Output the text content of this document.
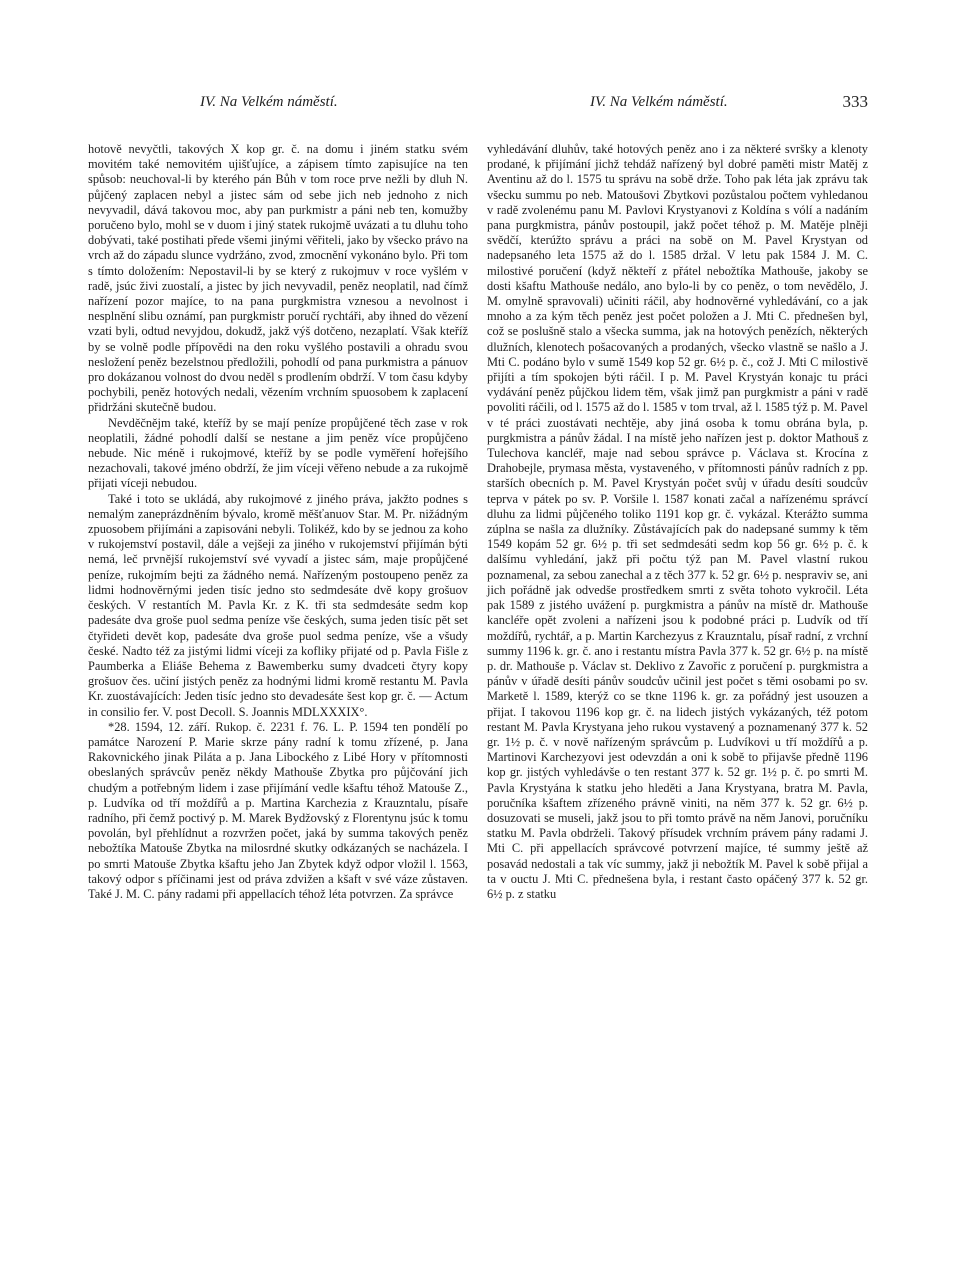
IV. Na Velkém náměstí.	IV. Na Velkém náměstí.	333

hotově nevyčtli, takových X kop gr. č. na domu i jiném statku svém movitém také nemovitém ujišťujíce, a zápisem tímto zapisujíce na ten spůsob: neuchoval-li by kterého pán Bůh v tom roce prve nežli by dluh N. půjčený zaplacen nebyl a jistec sám od sebe jich neb jednoho z nich nevyvadil, dává takovou moc, aby pan purkmistr a páni neb ten, komužby poručeno bylo, mohl se v duom i jiný statek rukojmě uvázati a tu dluhu toho dobývati, také postihati přede všemi jinými věřiteli, jako by všecko právo na vrch až do západu slunce vydržáno, zvod, zmocnění vykonáno bylo. Při tom s tímto doložením: Nepostavil-li by se který z rukojmuv v roce vyšlém v radě, jsúc živi zuostalí, a jistec by jich nevyvadil, peněz neoplatil, nad čímž nařízení pozor majíce, to na pana purgkmistra vznesou a nevolnost i nesplnění slibu oznámí, pan purgkmistr poručí rychtáři, aby ihned do vězení vzati byli, odtud nevyjdou, dokudž, jakž výš dotčeno, nezaplatí. Však kteříž by se volně podle přípovědi na den roku vyšlého postavili a ohradu svou nesložení peněz bezelstnou předložili, pohodlí od pana purkmistra a pánuov pro dokázanou volnost do dvou neděl s prodlením obdrží. V tom času kdyby pochybili, peněz hotových nedali, vězením vrchním spuosobem k zaplacení přidržáni skutečně budou.

Nevděčnějm také, kteříž by se mají peníze propůjčené těch zase v rok neoplatili, žádné pohodlí další se nestane a jim peněz více propůjčeno nebude. Nic méně i rukojmové, kteříž by se podle vyměření hořejšího nezachovali, takové jméno obdrží, že jim víceji věřeno nebude a za rukojmě přijati víceji nebudou.

Také i toto se ukládá, aby rukojmové z jiného práva, jakžto podnes s nemalým zaneprázdněním bývalo, kromě měšťanuov Star. M. Pr. nižádným zpuosobem přijímáni a zapisováni nebyli. Tolikéž, kdo by se jednou za koho v rukojemství postavil, dále a vejšeji za jiného v rukojemství přijímán býti nemá, leč prvnější rukojemství své vyvadí a jistec sám, maje propůjčené peníze, rukojmím bejti za žádného nemá. Nařízeným postoupeno peněz za lidmi hodnověrnými jeden tisíc jedno sto sedmdesáte dvě kopy grošuov českých. V restantích M. Pavla Kr. z K. tři sta sedmdesáte sedm kop padesáte dva groše puol sedma peníze vše českých, suma jeden tisíc pět set čtyřideti devět kop, padesáte dva groše puol sedma peníze, vše a všudy české. Nadto též za jistými lidmi víceji za kofliky přijaté od p. Pavla Fišle z Paumberka a Eliáše Behema z Bawemberku sumy dvadceti čtyry kopy grošuov čes. učiní jistých peněz za hodnými lidmi kromě restantu M. Pavla Kr. zuostávajících: Jeden tisíc jedno sto devadesáte šest kop gr. č. — Actum in consilio fer. V. post Decoll. S. Joannis MDLXXXIX°.

*28. 1594, 12. září. Rukop. č. 2231 f. 76. L. P. 1594 ten pondělí po památce Narození P. Marie skrze pány radní k tomu zřízené, p. Jana Rakovnického jinak Piláta a p. Jana Libockého z Libé Hory v přítomnosti obeslaných správcův peněz někdy Mathouše Zbytka pro půjčování jich chudým a potřebným lidem i zase přijímání vedle kšaftu téhož Matouše Z., p. Ludvíka od tří moždířů a p. Martina Karchezia z Krauzntalu, písaře radního, při čemž poctivý p. M. Marek Bydžovský z Florentynu jsúc k tomu povolán, byl přehlídnut a rozvržen počet, jaká by summa takových peněz nebožtíka Matouše Zbytka na milosrdné skutky odkázaných se nacházela. I po smrti Matouše Zbytka kšaftu jeho Jan Zbytek když odpor vložil l. 1563, takový odpor s příčinami jest od práva zdvižen a kšaft v své váze zůstaven. Také J. M. C. pány radami při appellacích téhož léta potvrzen. Za správce

vyhledávání dluhův, také hotových peněz ano i za některé svršky a klenoty prodané, k přijímání jichž tehdáž nařízený byl dobré paměti mistr Matěj z Aventinu až do l. 1575 tu správu na sobě drže. Toho pak léta jak zprávu tak všecku summu po neb. Matoušovi Zbytkovi pozůstalou počtem vyhledanou v radě zvolenému panu M. Pavlovi Krystyanovi z Koldína s vólí a nadáním pana purgkmistra, pánův postoupil, jakž počet téhož p. M. Matěje plněji svědčí, kterúžto správu a práci na sobě on M. Pavel Krystyan od nadepsaného leta 1575 až do l. 1585 držal. V letu pak 1584 J. M. C. milostivé poručení (když někteří z přátel nebožtíka Mathouše, jakoby se dosti kšaftu Mathouše nedálo, ano bylo-li by co peněz, o tom nevědělo, J. M. omylně spravovali) učiniti ráčil, aby hodnověrné vyhledávání, co a jak mnoho a za kým těch peněz jest počet položen a J. Mti C. přednešen byl, což se poslušně stalo a všecka summa, jak na hotových penězích, některých dlužních, klenotech pošacovaných a prodaných, všecko vlastně se našlo a J. Mti C. podáno bylo v sumě 1549 kop 52 gr. 6½ p. č., což J. Mti C milostivě přijíti a tím spokojen býti ráčil. I p. M. Pavel Krystyán konajc tu práci vydávání peněz půjčkou lidem těm, však jimž pan purgkmistr a páni v radě povoliti ráčili, od l. 1575 až do l. 1585 v tom trval, až l. 1585 týž p. M. Pavel v té práci zuostávati nechtěje, aby jiná osoba k tomu obrána byla, p. purgkmistra a pánův žádal. I na místě jeho nařízen jest p. doktor Mathouš z Tulechova kancléř, maje nad sebou správce p. Václava st. Krocína z Drahobejle, prymasa města, vystaveného, v přítomnosti pánův radních z pp. starších obecních p. M. Pavel Krystyán počet svůj v úřadu desíti soudcův teprva v pátek po sv. P. Voršile l. 1587 konati začal a nařízenému správcí dluhu za lidmi půjčeného toliko 1191 kop gr. č. vykázal. Kterážto summa zúplna se našla za dlužníky. Zůstávajících pak do nadepsané summy k těm 1549 kopám 52 gr. 6½ p. tři set sedmdesáti sedm kop 56 gr. 6½ p. č. k dalšímu vyhledání, jakž při počtu týž pan M. Pavel vlastní rukou poznamenal, za sebou zanechal a z těch 377 k. 52 gr. 6½ p. nespraviv se, ani jich pořádně jak odvedše prostředkem smrti z světa tohoto vykročil. Léta pak 1589 z jistého uvážení p. purgkmistra a pánův na místě dr. Mathouše kancléře opět zvoleni a nařízeni jsou k podobné práci p. Ludvík od tří moždířů, rychtář, a p. Martin Karchezyus z Krauzntalu, písař radní, z vrchní summy 1196 k. gr. č. ano i restantu místra Pavla 377 k. 52 gr. 6½ p. na místě p. dr. Mathouše p. Václav st. Deklivo z Zavořic z poručení p. purgkmistra a pánův v úřadě desíti pánův soudcův učinil jest počet s těmi osobami po sv. Marketě l. 1589, kterýž co se tkne 1196 k. gr. za pořádný jest usouzen a přijat. I takovou 1196 kop gr. č. na lidech jistých vykázaných, též potom restant M. Pavla Krystyana jeho rukou vystavený a poznamenaný 377 k. 52 gr. 1½ p. č. v nově nařízeným správcům p. Ludvíkovi u tří moždířů a p. Martinovi Karchezyovi jest odevzdán a oni k sobě to přijavše předně 1196 kop gr. jistých vyhledávše o ten restant 377 k. 52 gr. 1½ p. č. po smrti M. Pavla Krystyána k statku jeho hleděti a Jana Krystyana, bratra M. Pavla, poručníka kšaftem zřízeného právně viniti, na něm 377 k. 52 gr. 6½ p. dosuzovati se museli, jakž jsou to při tomto právě na něm Janovi, poručníku statku M. Pavla obdrželi. Takový přísudek vrchním právem pány radami J. Mti C. při appellacích správcové potvrzení majíce, té summy ještě až posavád nedostali a tak víc summy, jakž ji nebožtík M. Pavel k sobě přijal a ta v ouctu J. Mti C. přednešena byla, i restant často opáčený 377 k. 52 gr. 6½ p. z statku
